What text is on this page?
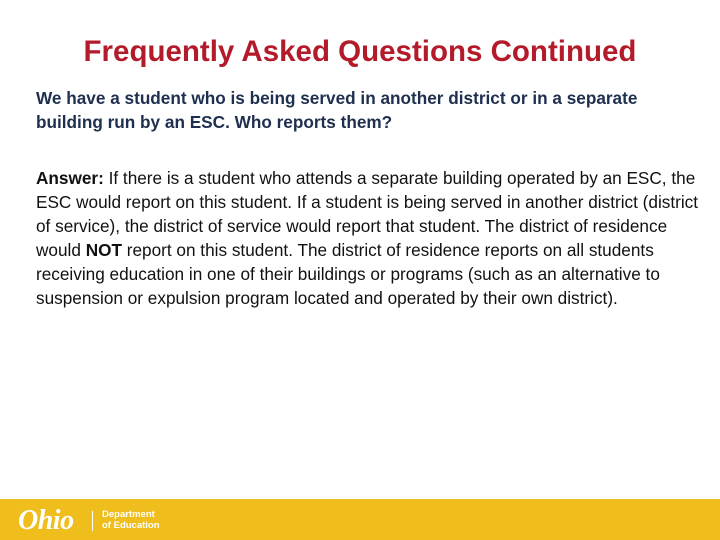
Frequently Asked Questions Continued
We have a student who is being served in another district or in a separate building run by an ESC. Who reports them?
Answer: If there is a student who attends a separate building operated by an ESC, the ESC would report on this student. If a student is being served in another district (district of service), the district of service would report that student. The district of residence would NOT report on this student. The district of residence reports on all students receiving education in one of their buildings or programs (such as an alternative to suspension or expulsion program located and operated by their own district).
Ohio	Department
of Education
